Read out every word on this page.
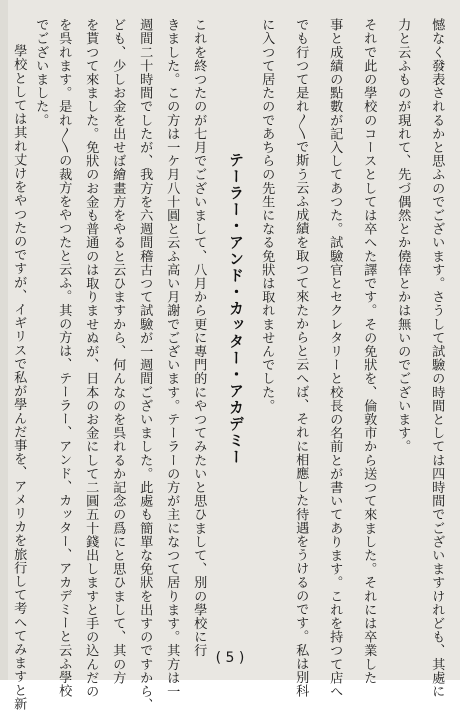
憾なく發表されるかと思ふのでございます。さうして試驗の時間としては四時間でございますけれども、其處に
力と云ふものが現れて、先づ偶然とか僥倖とかは無いのでございます。
それで此の學校のコースとしては卒へた譯です。その免狀を、倫敦市から送つて來ました。それには卒業した
事と成績の點數が記入してあつた。試驗官とセクレタリーと校長の名前とが書いてあります。これを持つて店へ
でも行つて是れ〳〵で斯う云ふ成績を取つて來たからと云へば、それに相應した待遇をうけるのです。私は別科
に入つて居たのであちらの先生になる免狀は取れませんでした。
テーラー・アンド・カッター・アカデミー
これを終つたのが七月でございまして、八月から更に專門的にやつてみたいと思ひまして、別の學校に行
きました。この方は一ケ月八十圓と云ふ高い月謝でございます。テーラーの方が主になつて居ります。其方は一
週間二十時間でしたが、我方を六週間稽古つて試驗が一週間ございました。此處も簡單な免狀を出すのですから、
ども、少しお金を出せば繪畫方をやると云ひますから、何んなのを呉れるか記念の爲にと思ひまして、其の方
を貰つて來ました。免狀のお金も普通のは取りませぬが、日本のお金にして二圓五十錢出しますと手の込んだの
を呉れます。是れ〳〵の裁方をやつたと云ふ。其の方は、テーラー、アンド、カッター、アカデミーと云ふ學校
でございました。
學校としては其れ丈けをやつたのですが、イギリスで私が學んだ事を、アメリカを旅行して考へてみますと新	( 5 )
